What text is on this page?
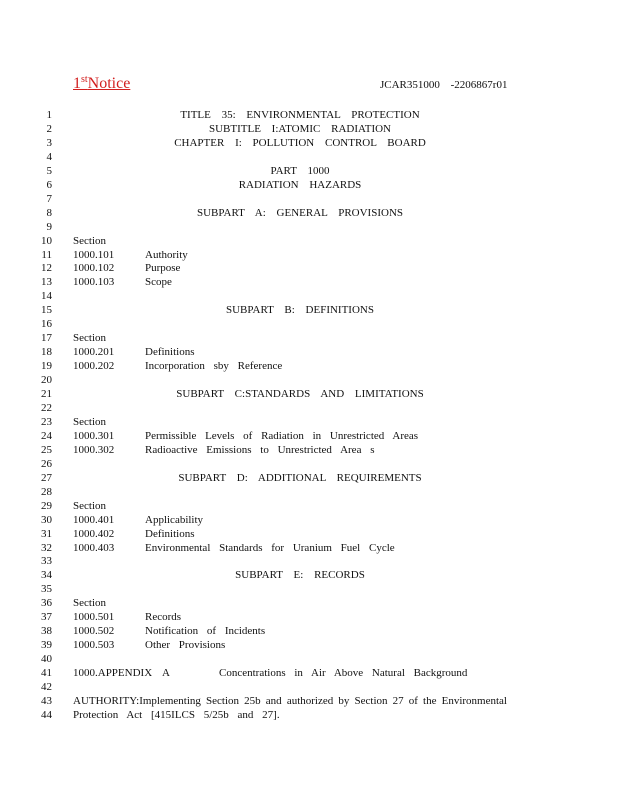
1stNotice	JCAR351000 -2206867r01
1	TITLE 35: ENVIRONMENTAL PROTECTION
2	SUBTITLE I:ATOMIC RADIATION
3	CHAPTER I: POLLUTION CONTROL BOARD
4
5	PART 1000
6	RADIATION HAZARDS
7
8	SUBPART A: GENERAL PROVISIONS
9
10 Section
11 1000.101	Authority
12 1000.102	Purpose
13 1000.103	Scope
14
15	SUBPART B: DEFINITIONS
16
17 Section
18 1000.201	Definitions
19 1000.202	Incorporation sby Reference
20
21	SUBPART C:STANDARDS AND LIMITATIONS
22
23 Section
24 1000.301	Permissible Levels of Radiation in Unrestricted Areas
25 1000.302	Radioactive Emissions to Unrestricted Area s
26
27	SUBPART D: ADDITIONAL REQUIREMENTS
28
29 Section
30 1000.401	Applicability
31 1000.402	Definitions
32 1000.403	Environmental Standards for Uranium Fuel Cycle
33
34	SUBPART E: RECORDS
35
36 Section
37 1000.501	Records
38 1000.502	Notification of Incidents
39 1000.503	Other Provisions
40
41 1000.APPENDIX A	Concentrations in Air Above Natural Background
42
43 AUTHORITY:Implementing Section 25b and authorized by Section 27 of the Environmental
44 Protection Act [415ILCS 5/25b and 27].
